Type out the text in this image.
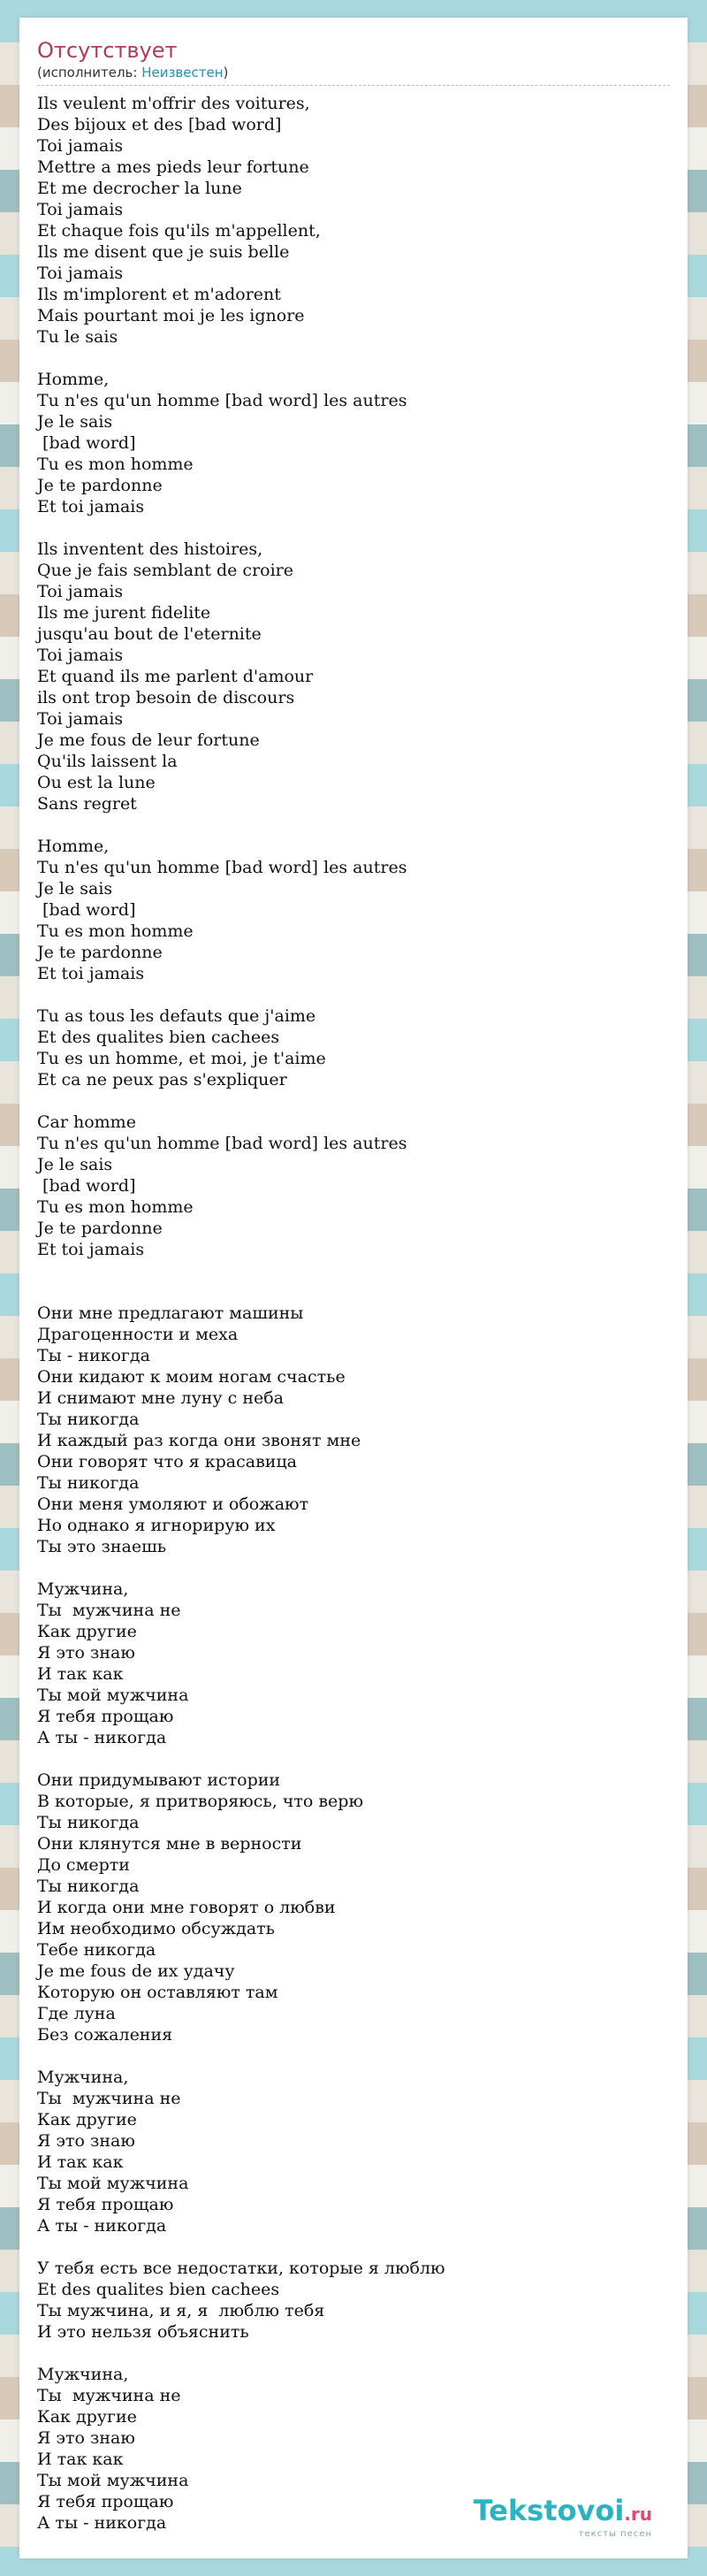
Отсутствует
(исполнитель: Неизвестен)
Ils veulent m'offrir des voitures,
Des bijoux et des [bad word]
Toi jamais
Mettre a mes pieds leur fortune
Et me decrocher la lune
Toi jamais
Et chaque fois qu'ils m'appellent,
Ils me disent que je suis belle
Toi jamais
Ils m'implorent et m'adorent
Mais pourtant moi je les ignore
Tu le sais

Homme,
Tu n'es qu'un homme [bad word] les autres
Je le sais
[bad word]
Tu es mon homme
Je te pardonne
Et toi jamais

Ils inventent des histoires,
Que je fais semblant de croire
Toi jamais
Ils me jurent fidelite
jusqu'au bout de l'eternite
Toi jamais
Et quand ils me parlent d'amour
ils ont trop besoin de discours
Toi jamais
Je me fous de leur fortune
Qu'ils laissent la
Ou est la lune
Sans regret

Homme,
Tu n'es qu'un homme [bad word] les autres
Je le sais
[bad word]
Tu es mon homme
Je te pardonne
Et toi jamais

Tu as tous les defauts que j'aime
Et des qualites bien cachees
Tu es un homme, et moi, je t'aime
Et ca ne peux pas s'expliquer

Car homme
Tu n'es qu'un homme [bad word] les autres
Je le sais
[bad word]
Tu es mon homme
Je te pardonne
Et toi jamais

Они мне предлагают машины
Драгоценности и меха
Ты - никогда
Они кидают к моим ногам счастье
И снимают мне луну с неба
Ты никогда
И каждый раз когда они звонят мне
Они говорят что я красавица
Ты никогда
Они меня умоляют и обожают
Но однако я игнорирую их
Ты это знаешь

Мужчина,
Ты  мужчина не
Как другие
Я это знаю
И так как
Ты мой мужчина
Я тебя прощаю
А ты - никогда

Они придумывают истории
В которые, я притворяюсь, что верю
Ты никогда
Они клянутся мне в верности
До смерти
Ты никогда
И когда они мне говорят о любви
Им необходимо обсуждать
Тебе никогда
Je me fous de их удачу
Которую он оставляют там
Где луна
Без сожаления

Мужчина,
Ты  мужчина не
Как другие
Я это знаю
И так как
Ты мой мужчина
Я тебя прощаю
А ты - никогда

У тебя есть все недостатки, которые я люблю
Et des qualites bien cachees
Ты мужчина, и я, я  люблю тебя
И это нельзя объяснить

Мужчина,
Ты  мужчина не
Как другие
Я это знаю
И так как
Ты мой мужчина
Я тебя прощаю
А ты - никогда	Tekstovoi.ru
тексты песен
